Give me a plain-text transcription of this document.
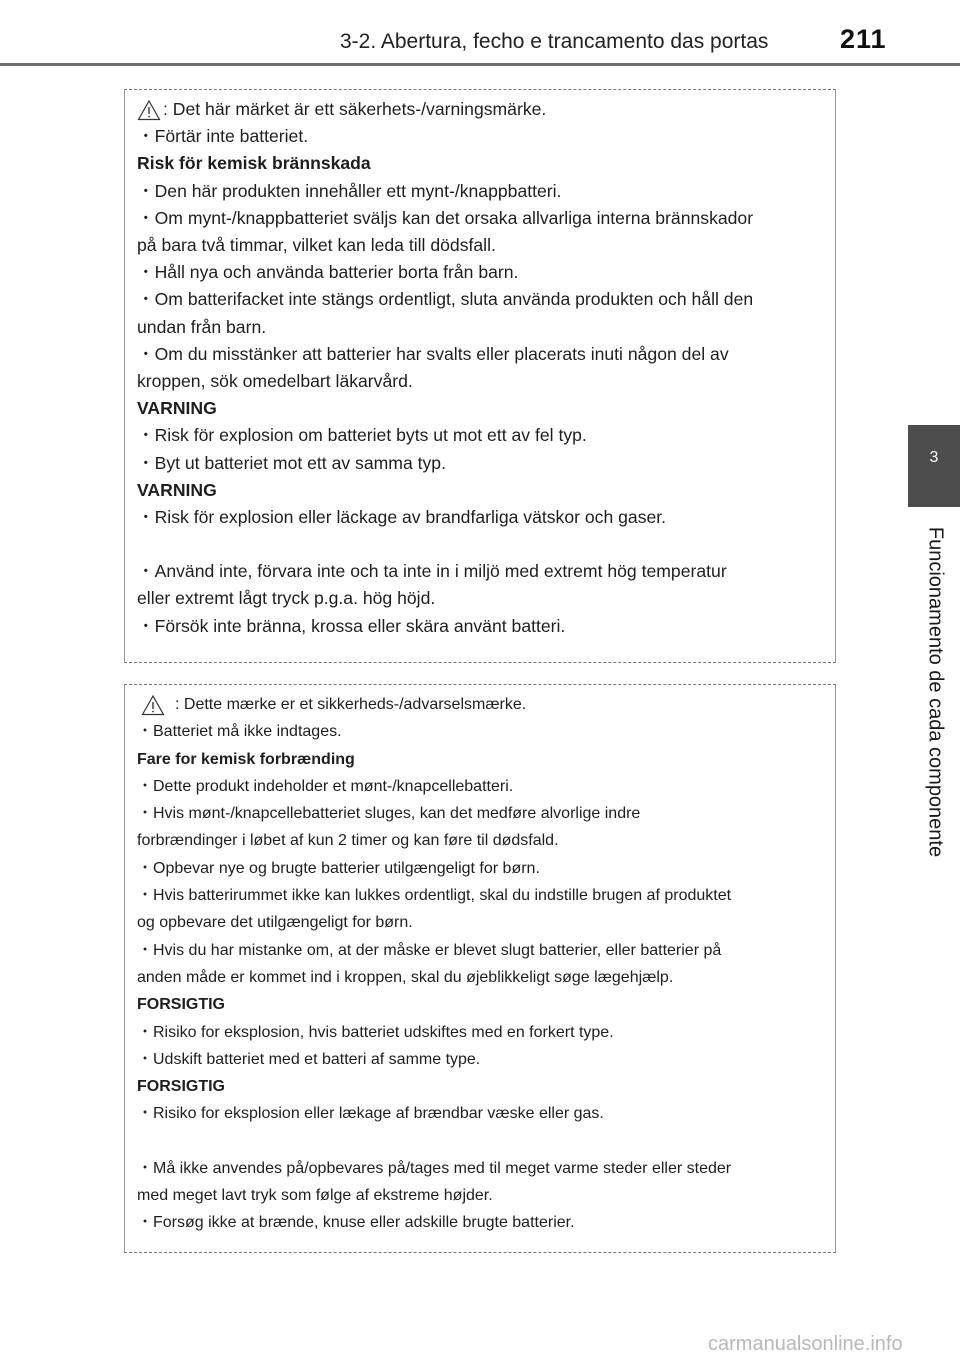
3-2. Abertura, fecho e trancamento das portas	211
3
Funcionamento de cada componente
: Det här märket är ett säkerhets-/varningsmärke.
・Förtär inte batteriet.
Risk för kemisk brännskada
・Den här produkten innehåller ett mynt-/knappbatteri.
・Om mynt-/knappbatteriet sväljs kan det orsaka allvarliga interna brännskador
på bara två timmar, vilket kan leda till dödsfall.
・Håll nya och använda batterier borta från barn.
・Om batterifacket inte stängs ordentligt, sluta använda produkten och håll den
undan från barn.
・Om du misstänker att batterier har svalts eller placerats inuti någon del av
kroppen, sök omedelbart läkarvård.
VARNING
・Risk för explosion om batteriet byts ut mot ett av fel typ.
・Byt ut batteriet mot ett av samma typ.
VARNING
・Risk för explosion eller läckage av brandfarliga vätskor och gaser.
・Använd inte, förvara inte och ta inte in i miljö med extremt hög temperatur
eller extremt lågt tryck p.g.a. hög höjd.
・Försök inte bränna, krossa eller skära använt batteri.
: Dette mærke er et sikkerheds-/advarselsmærke.
・Batteriet må ikke indtages.
Fare for kemisk forbrænding
・Dette produkt indeholder et mønt-/knapcellebatteri.
・Hvis mønt-/knapcellebatteriet sluges, kan det medføre alvorlige indre
forbrændinger i løbet af kun 2 timer og kan føre til dødsfald.
・Opbevar nye og brugte batterier utilgængeligt for børn.
・Hvis batterirummet ikke kan lukkes ordentligt, skal du indstille brugen af produktet
og opbevare det utilgængeligt for børn.
・Hvis du har mistanke om, at der måske er blevet slugt batterier, eller batterier på
anden måde er kommet ind i kroppen, skal du øjeblikkeligt søge lægehjælp.
FORSIGTIG
・Risiko for eksplosion, hvis batteriet udskiftes med en forkert type.
・Udskift batteriet med et batteri af samme type.
FORSIGTIG
・Risiko for eksplosion eller lækage af brændbar væske eller gas.
・Må ikke anvendes på/opbevares på/tages med til meget varme steder eller steder
med meget lavt tryk som følge af ekstreme højder.
・Forsøg ikke at brænde, knuse eller adskille brugte batterier.
carmanualsonline.info
